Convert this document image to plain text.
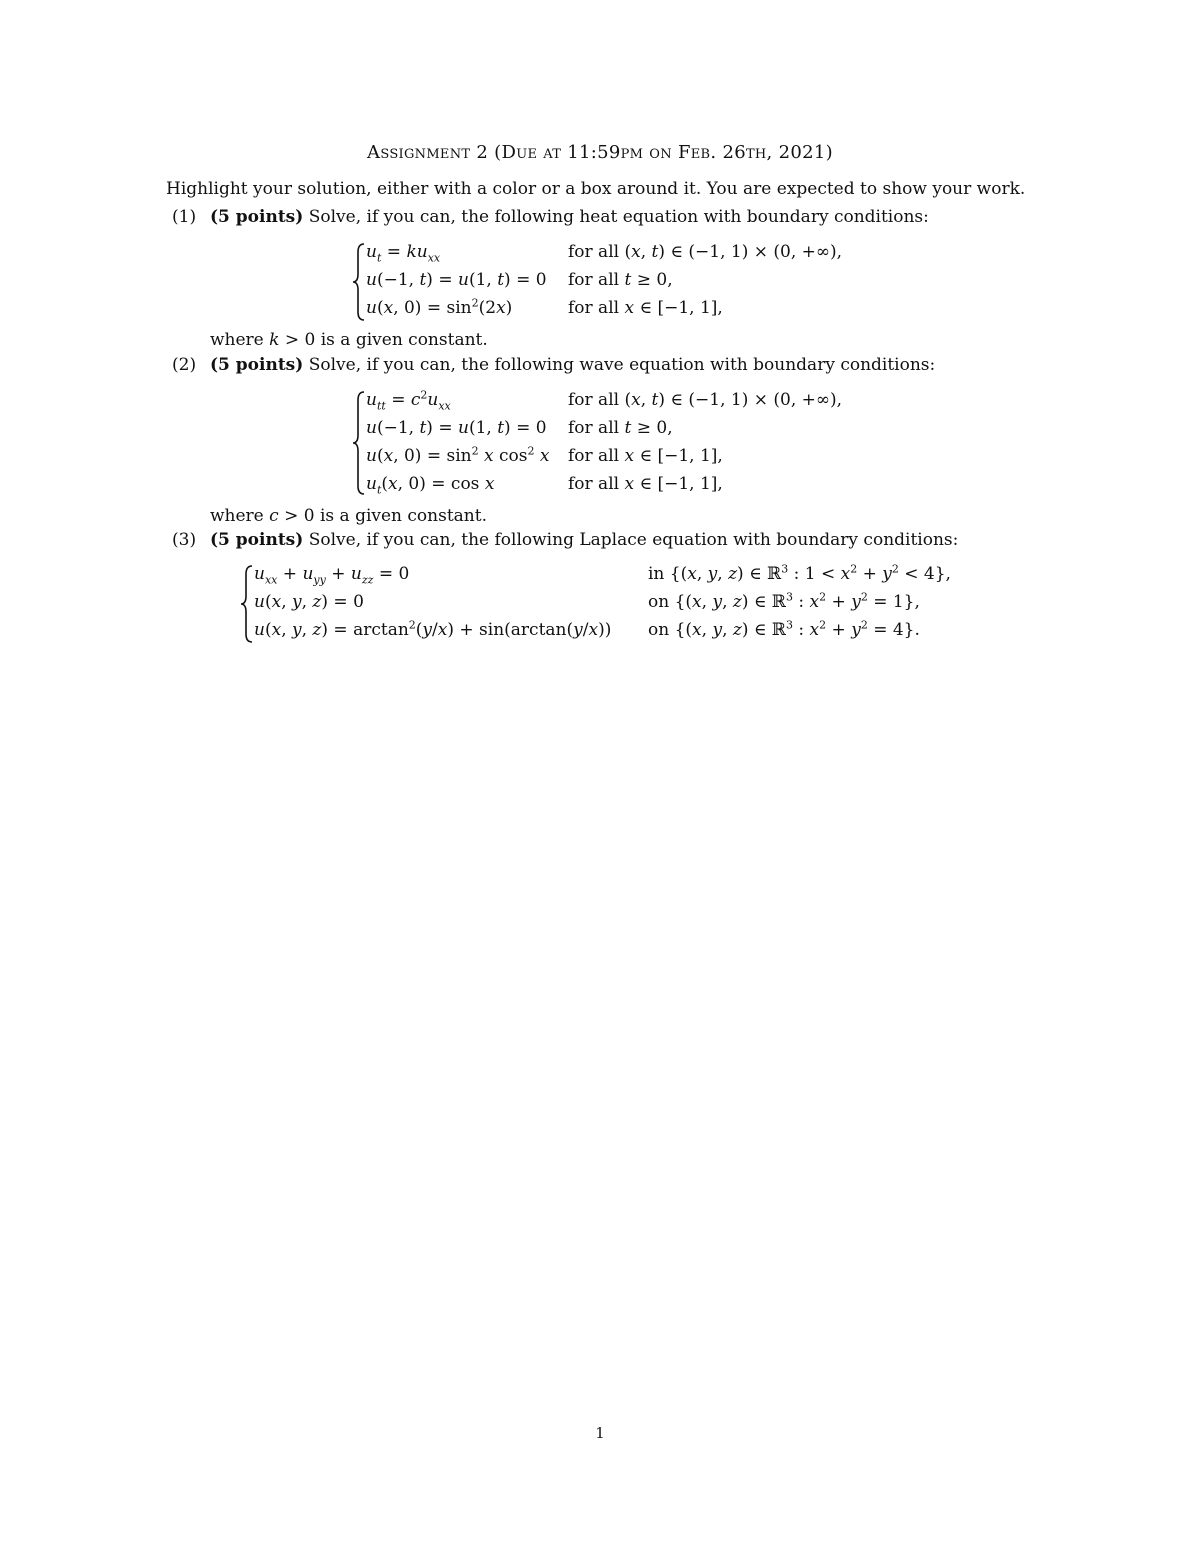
Assignment 2 (Due at 11:59pm on Feb. 26th, 2021)
Highlight your solution, either with a color or a box around it. You are expected to show your work.
(1) (5 points) Solve, if you can, the following heat equation with boundary conditions:
$u_t = ku_{xx}$	for all (x, t) ∈ (−1, 1) × (0, +∞),
u(−1, t) = u(1, t) = 0 for all t ≥ 0,
u(x, $0) = \sin^2(2x)$	for all x ∈ [−1, 1],
where k > 0 is a given constant.
(2) (5 points) Solve, if you can, the following wave equation with boundary conditions:
$u_{tt} = c^2u_{xx}$	for all (x, t) ∈ (−1, 1) × (0, +∞),
u(−1, t) = u(1, t) = 0 for all t ≥ 0,
u(x, $0) = \sin^2 x$ $\cos^2 x$ for all x ∈ [−1, 1],
$u_t(x$, 0) = cos x	for all x ∈ [−1, 1],
where c > 0 is a given constant.
(3) (5 points) Solve, if you can, the following Laplace equation with boundary conditions:
$u_{xx} + u_{yy} + u_{zz} = 0$	in {(x, y, z) ∈ ℝ$^3$ : $1 < x^2 + y^2 < 4$},
u(x, y, z) = 0	on {(x, y, z) ∈ ℝ$^3$ : $x^2 + y^2 = 1$},
u(x, y, $z) = \arctan^2(y/x) + \sin(\arctan(y/x))$ on {(x, y, z) ∈ ℝ$^3$ : $x^2 + y^2 = 4$}.
1
